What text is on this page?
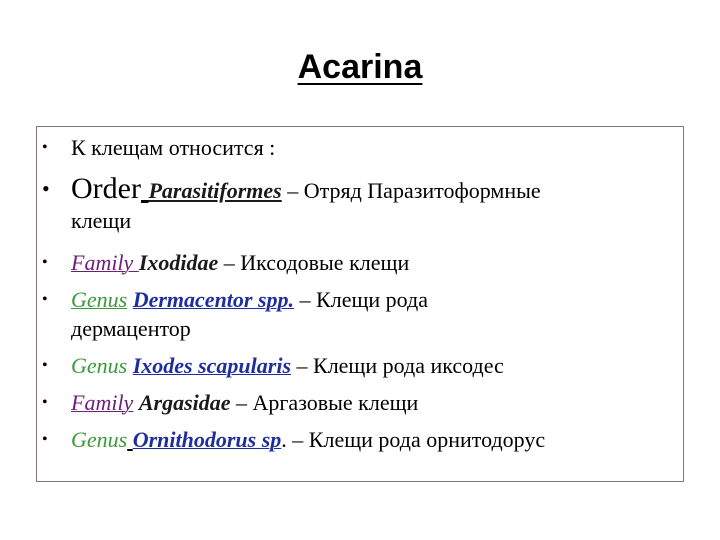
Acarina
• К клещам относится :
• Order Parasitiformes – Отряд Паразитоформные
клещи
• Family Ixodidae – Иксодовые клещи
• Genus Dermacentor spp. – Клещи рода
дермацентор
• Genus Ixodes scapularis – Клещи рода иксодес
• Family Argasidae – Аргазовые клещи
• Genus Ornithodorus sp. – Клещи рода орнитодорус
